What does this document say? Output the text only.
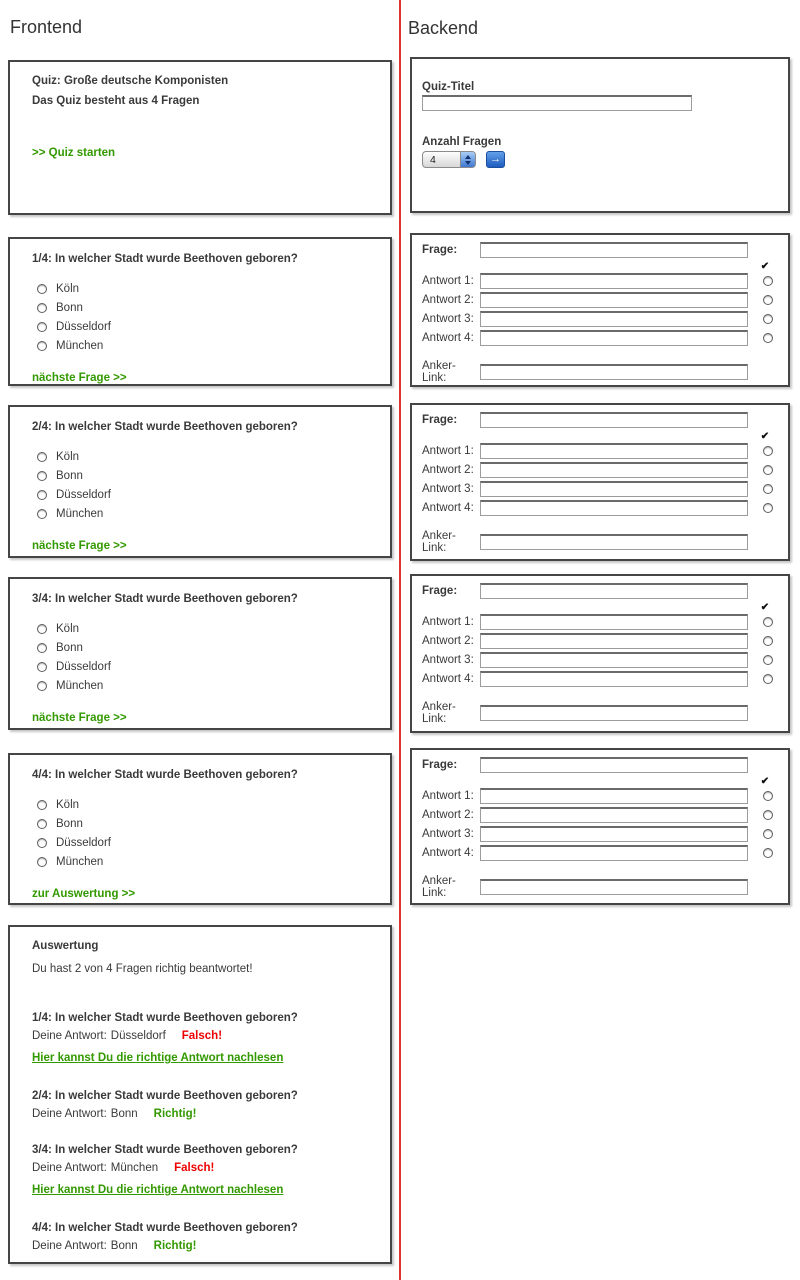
Frontend	Backend
Quiz: Große deutsche Komponisten
Das Quiz besteht aus 4 Fragen
>> Quiz starten
1/4: In welcher Stadt wurde Beethoven geboren?
Köln
Bonn
Düsseldorf
München
nächste Frage >>
2/4: In welcher Stadt wurde Beethoven geboren?
Köln
Bonn
Düsseldorf
München
nächste Frage >>
3/4: In welcher Stadt wurde Beethoven geboren?
Köln
Bonn
Düsseldorf
München
nächste Frage >>
4/4: In welcher Stadt wurde Beethoven geboren?
Köln
Bonn
Düsseldorf
München
zur Auswertung >>
Auswertung
Du hast 2 von 4 Fragen richtig beantwortet!
1/4: In welcher Stadt wurde Beethoven geboren?
Deine Antwort: Düsseldorf Falsch!
Hier kannst Du die richtige Antwort nachlesen
2/4: In welcher Stadt wurde Beethoven geboren?
Deine Antwort: Bonn Richtig!
3/4: In welcher Stadt wurde Beethoven geboren?
Deine Antwort: München Falsch!
Hier kannst Du die richtige Antwort nachlesen
4/4: In welcher Stadt wurde Beethoven geboren?
Deine Antwort: Bonn Richtig!
Quiz-Titel
Anzahl Fragen
4	→
Frage:
✔
Antwort 1:
Antwort 2:
Antwort 3:
Antwort 4:
Anker-Link:
Frage:
✔
Antwort 1:
Antwort 2:
Antwort 3:
Antwort 4:
Anker-Link:
Frage:
✔
Antwort 1:
Antwort 2:
Antwort 3:
Antwort 4:
Anker-Link:
Frage:
✔
Antwort 1:
Antwort 2:
Antwort 3:
Antwort 4:
Anker-Link:
